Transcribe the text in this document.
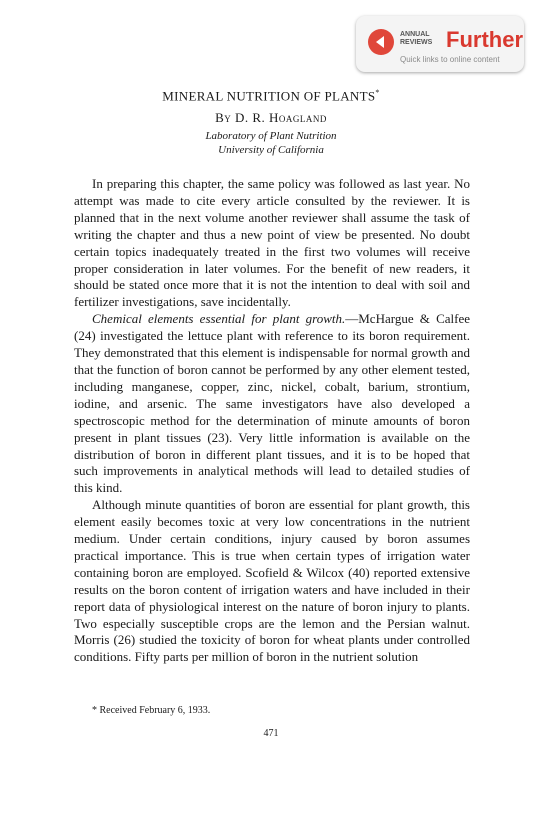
ANNUAL
REVIEWS Further
Quick links to online content
MINERAL NUTRITION OF PLANTS*
By D. R. Hoagland
Laboratory of Plant Nutrition
University of California

In preparing this chapter, the same policy was followed as last year. No attempt was made to cite every article consulted by the reviewer. It is planned that in the next volume another reviewer shall assume the task of writing the chapter and thus a new point of view be presented. No doubt certain topics inadequately treated in the first two volumes will receive proper consideration in later volumes. For the benefit of new readers, it should be stated once more that it is not the intention to deal with soil and fertilizer investigations, save incidentally.

Chemical elements essential for plant growth.—McHargue & Calfee (24) investigated the lettuce plant with reference to its boron requirement. They demonstrated that this element is indispensable for normal growth and that the function of boron cannot be performed by any other element tested, including manganese, copper, zinc, nickel, cobalt, barium, strontium, iodine, and arsenic. The same investigators have also developed a spectroscopic method for the determination of minute amounts of boron present in plant tissues (23). Very little information is available on the distribution of boron in different plant tissues, and it is to be hoped that such improvements in analytical methods will lead to detailed studies of this kind.

Although minute quantities of boron are essential for plant growth, this element easily becomes toxic at very low concentrations in the nutrient medium. Under certain conditions, injury caused by boron assumes practical importance. This is true when certain types of irrigation water containing boron are employed. Scofield & Wilcox (40) reported extensive results on the boron content of irrigation waters and have included in their report data of physiological interest on the nature of boron injury to plants. Two especially susceptible crops are the lemon and the Persian walnut. Morris (26) studied the toxicity of boron for wheat plants under controlled conditions. Fifty parts per million of boron in the nutrient solution

* Received February 6, 1933.
471
